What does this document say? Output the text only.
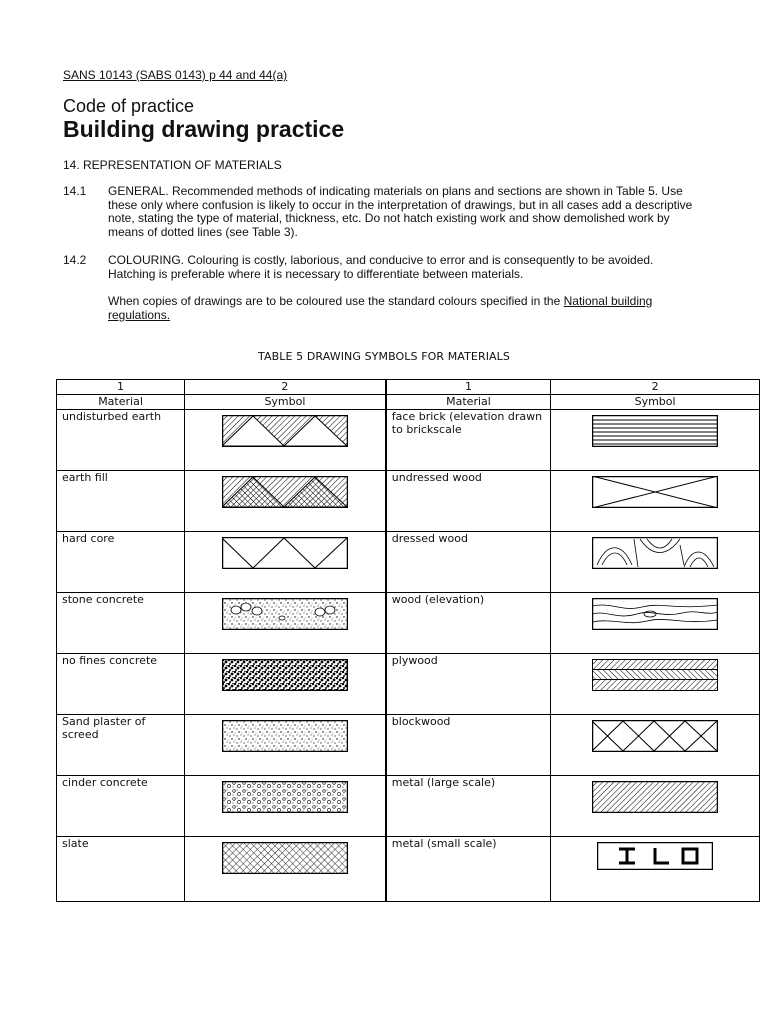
SANS 10143 (SABS 0143) p 44 and 44(a)
Code of practice
Building drawing practice
14. REPRESENTATION OF MATERIALS
14.1 GENERAL. Recommended methods of indicating materials on plans and sections are shown in Table 5. Use these only where confusion is likely to occur in the interpretation of drawings, but in all cases add a descriptive note, stating the type of material, thickness, etc. Do not hatch existing work and show demolished work by means of dotted lines (see Table 3).
14.2 COLOURING. Colouring is costly, laborious, and conducive to error and is consequently to be avoided. Hatching is preferable where it is necessary to differentiate between materials.
When copies of drawings are to be coloured use the standard colours specified in the National building regulations.
TABLE 5 DRAWING SYMBOLS FOR MATERIALS
1	2	1	2
Material	Symbol	Material	Symbol
undisturbed earth		face brick (elevation drawn to brickscale	

earth fill		undressed wood	

hard core		dressed wood	

stone concrete		wood (elevation)	

no fines concrete		plywood	

Sand plaster of screed		blockwood	

cinder concrete		metal (large scale)	

slate		metal (small scale)	
